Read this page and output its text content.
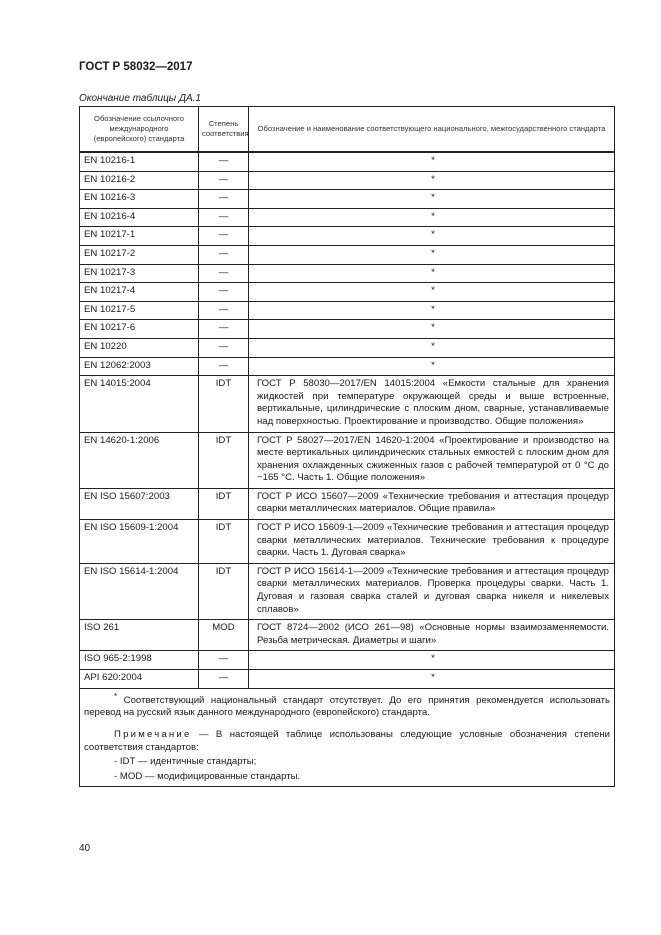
ГОСТ Р 58032—2017
Окончание таблицы ДА.1
Обозначение ссылочного международного (европейского) стандарта	Степень соответствия	Обозначение и наименование соответствующего национального, межгосударственного стандарта
EN 10216-1	—	*
EN 10216-2	—	*
EN 10216-3	—	*
EN 10216-4	—	*
EN 10217-1	—	*
EN 10217-2	—	*
EN 10217-3	—	*
EN 10217-4	—	*
EN 10217-5	—	*
EN 10217-6	—	*
EN 10220	—	*
EN 12062:2003	—	*
EN 14015:2004	IDT	ГОСТ Р 58030—2017/EN 14015:2004 «Емкости стальные для хранения жидкостей при температуре окружающей среды и выше встроенные, вертикальные, цилиндрические с плоским дном, сварные, устанавливаемые над поверхностью. Проектирование и производство. Общие положения»
EN 14620-1:2006	IDT	ГОСТ Р 58027—2017/EN 14620-1:2004 «Проектирование и производство на месте вертикальных цилиндрических стальных емкостей с плоским дном для хранения охлажденных сжиженных газов с рабочей температурой от 0 °C до −165 °C. Часть 1. Общие положения»
EN ISO 15607:2003	IDT	ГОСТ Р ИСО 15607—2009 «Технические требования и аттестация процедур сварки металлических материалов. Общие правила»
EN ISO 15609-1:2004	IDT	ГОСТ Р ИСО 15609-1—2009 «Технические требования и аттестация процедур сварки металлических материалов. Технические требования к процедуре сварки. Часть 1. Дуговая сварка»
EN ISO 15614-1:2004	IDT	ГОСТ Р ИСО 15614-1—2009 «Технические требования и аттестация процедур сварки металлических материалов. Проверка процедуры сварки. Часть 1. Дуговая и газовая сварка сталей и дуговая сварка никеля и никелевых сплавов»
ISO 261	MOD	ГОСТ 8724—2002 (ИСО 261—98) «Основные нормы взаимозаменяемости. Резьба метрическая. Диаметры и шаги»
ISO 965-2:1998	—	*
API 620:2004	—	*

* Соответствующий национальный стандарт отсутствует. До его принятия рекомендуется использовать перевод на русский язык данного международного (европейского) стандарта.

Примечание — В настоящей таблице использованы следующие условные обозначения степени соответствия стандартов:

- IDT — идентичные стандарты;
- MOD — модифицированные стандарты.		
40
